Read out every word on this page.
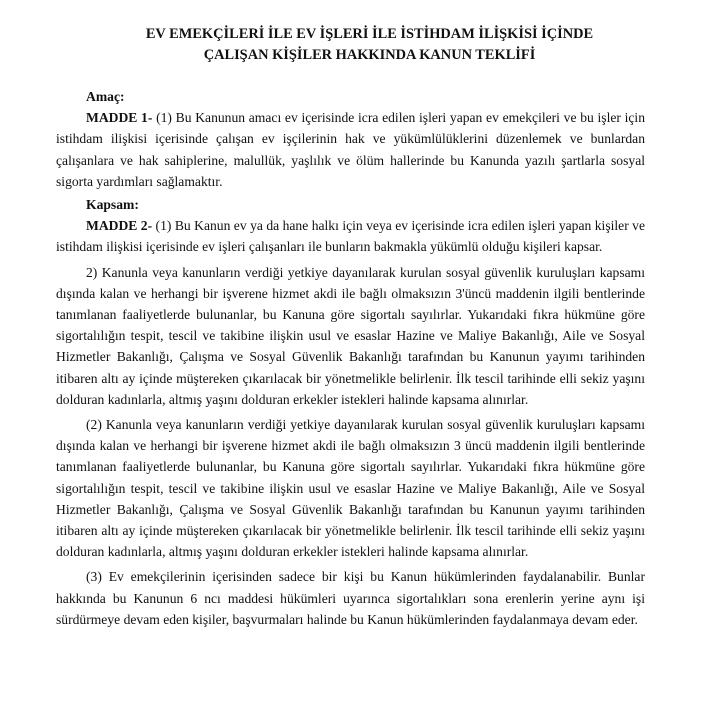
EV EMEKÇİLERİ İLE EV İŞLERİ İLE İSTİHDAM İLİŞKİSİ İÇİNDE
ÇALIŞAN KİŞİLER HAKKINDA KANUN TEKLİFİ
Amaç:

MADDE 1- (1) Bu Kanunun amacı ev içerisinde icra edilen işleri yapan ev emekçileri ve bu işler için istihdam ilişkisi içerisinde çalışan ev işçilerinin hak ve yükümlülüklerini düzenlemek ve bunlardan çalışanlara ve hak sahiplerine, malullük, yaşlılık ve ölüm hallerinde bu Kanunda yazılı şartlarla sosyal sigorta yardımları sağlamaktır.

Kapsam:

MADDE 2- (1) Bu Kanun ev ya da hane halkı için veya ev içerisinde icra edilen işleri yapan kişiler ve istihdam ilişkisi içerisinde ev işleri çalışanları ile bunların bakmakla yükümlü olduğu kişileri kapsar.

2) Kanunla veya kanunların verdiği yetkiye dayanılarak kurulan sosyal güvenlik kuruluşları kapsamı dışında kalan ve herhangi bir işverene hizmet akdi ile bağlı olmaksızın 3'üncü maddenin ilgili bentlerinde tanımlanan faaliyetlerde bulunanlar, bu Kanuna göre sigortalı sayılırlar. Yukarıdaki fıkra hükmüne göre sigortalılığın tespit, tescil ve takibine ilişkin usul ve esaslar Hazine ve Maliye Bakanlığı, Aile ve Sosyal Hizmetler Bakanlığı, Çalışma ve Sosyal Güvenlik Bakanlığı tarafından bu Kanunun yayımı tarihinden itibaren altı ay içinde müştereken çıkarılacak bir yönetmelikle belirlenir. İlk tescil tarihinde elli sekiz yaşını dolduran kadınlarla, altmış yaşını dolduran erkekler istekleri halinde kapsama alınırlar.

(2) Kanunla veya kanunların verdiği yetkiye dayanılarak kurulan sosyal güvenlik kuruluşları kapsamı dışında kalan ve herhangi bir işverene hizmet akdi ile bağlı olmaksızın 3 üncü maddenin ilgili bentlerinde tanımlanan faaliyetlerde bulunanlar, bu Kanuna göre sigortalı sayılırlar. Yukarıdaki fıkra hükmüne göre sigortalılığın tespit, tescil ve takibine ilişkin usul ve esaslar Hazine ve Maliye Bakanlığı, Aile ve Sosyal Hizmetler Bakanlığı, Çalışma ve Sosyal Güvenlik Bakanlığı tarafından bu Kanunun yayımı tarihinden itibaren altı ay içinde müştereken çıkarılacak bir yönetmelikle belirlenir. İlk tescil tarihinde elli sekiz yaşını dolduran kadınlarla, altmış yaşını dolduran erkekler istekleri halinde kapsama alınırlar.

(3) Ev emekçilerinin içerisinden sadece bir kişi bu Kanun hükümlerinden faydalanabilir. Bunlar hakkında bu Kanunun 6 ncı maddesi hükümleri uyarınca sigortalıkları sona erenlerin yerine aynı işi sürdürmeye devam eden kişiler, başvurmaları halinde bu Kanun hükümlerinden faydalanmaya devam eder.
